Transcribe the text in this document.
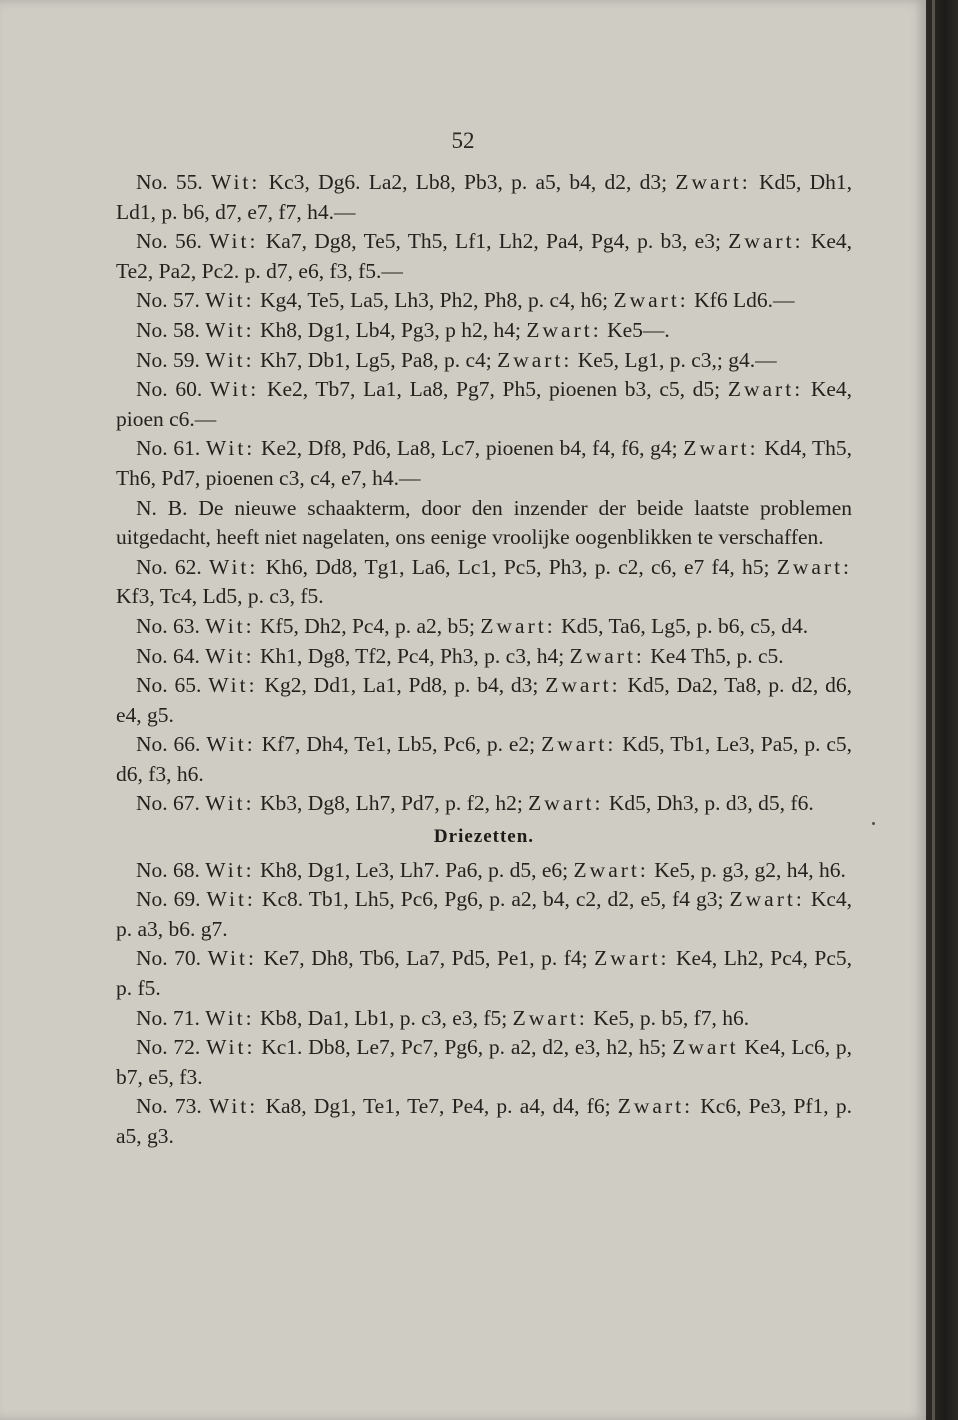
52

No. 55. Wit: Kc3, Dg6. La2, Lb8, Pb3, p. a5, b4, d2, d3; Zwart: Kd5, Dh1, Ld1, p. b6, d7, e7, f7, h4.—

No. 56. Wit: Ka7, Dg8, Te5, Th5, Lf1, Lh2, Pa4, Pg4, p. b3, e3; Zwart: Ke4, Te2, Pa2, Pc2. p. d7, e6, f3, f5.—

No. 57. Wit: Kg4, Te5, La5, Lh3, Ph2, Ph8, p. c4, h6; Zwart: Kf6 Ld6.—

No. 58. Wit: Kh8, Dg1, Lb4, Pg3, p h2, h4; Zwart: Ke5—.

No. 59. Wit: Kh7, Db1, Lg5, Pa8, p. c4; Zwart: Ke5, Lg1, p. c3,; g4.—

No. 60. Wit: Ke2, Tb7, La1, La8, Pg7, Ph5, pioenen b3, c5, d5; Zwart: Ke4, pioen c6.—

No. 61. Wit: Ke2, Df8, Pd6, La8, Lc7, pioenen b4, f4, f6, g4; Zwart: Kd4, Th5, Th6, Pd7, pioenen c3, c4, e7, h4.—

N. B. De nieuwe schaakterm, door den inzender der beide laatste problemen uitgedacht, heeft niet nagelaten, ons eenige vroolijke oogenblikken te verschaffen.

No. 62. Wit: Kh6, Dd8, Tg1, La6, Lc1, Pc5, Ph3, p. c2, c6, e7 f4, h5; Zwart: Kf3, Tc4, Ld5, p. c3, f5.

No. 63. Wit: Kf5, Dh2, Pc4, p. a2, b5; Zwart: Kd5, Ta6, Lg5, p. b6, c5, d4.

No. 64. Wit: Kh1, Dg8, Tf2, Pc4, Ph3, p. c3, h4; Zwart: Ke4 Th5, p. c5.

No. 65. Wit: Kg2, Dd1, La1, Pd8, p. b4, d3; Zwart: Kd5, Da2, Ta8, p. d2, d6, e4, g5.

No. 66. Wit: Kf7, Dh4, Te1, Lb5, Pc6, p. e2; Zwart: Kd5, Tb1, Le3, Pa5, p. c5, d6, f3, h6.

No. 67. Wit: Kb3, Dg8, Lh7, Pd7, p. f2, h2; Zwart: Kd5, Dh3, p. d3, d5, f6.

Driezetten.

No. 68. Wit: Kh8, Dg1, Le3, Lh7. Pa6, p. d5, e6; Zwart: Ke5, p. g3, g2, h4, h6.

No. 69. Wit: Kc8. Tb1, Lh5, Pc6, Pg6, p. a2, b4, c2, d2, e5, f4 g3; Zwart: Kc4, p. a3, b6. g7.

No. 70. Wit: Ke7, Dh8, Tb6, La7, Pd5, Pe1, p. f4; Zwart: Ke4, Lh2, Pc4, Pc5, p. f5.

No. 71. Wit: Kb8, Da1, Lb1, p. c3, e3, f5; Zwart: Ke5, p. b5, f7, h6.

No. 72. Wit: Kc1. Db8, Le7, Pc7, Pg6, p. a2, d2, e3, h2, h5; Zwart Ke4, Lc6, p, b7, e5, f3.

No. 73. Wit: Ka8, Dg1, Te1, Te7, Pe4, p. a4, d4, f6; Zwart: Kc6, Pe3, Pf1, p. a5, g3.
